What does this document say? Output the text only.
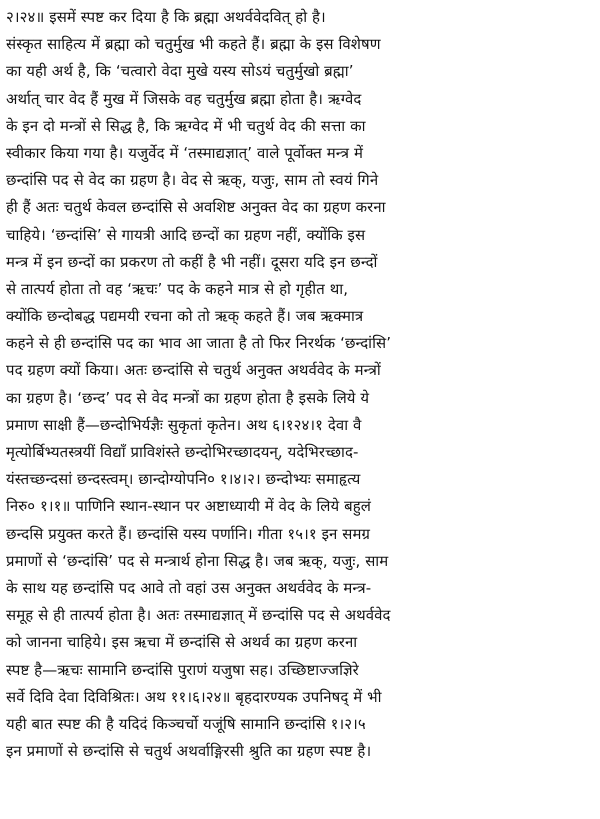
२।२४॥ इसमें स्पष्ट कर दिया है कि ब्रह्मा अथर्ववेदवित् हो है।
संस्कृत साहित्य में ब्रह्मा को चतुर्मुख भी कहते हैं। ब्रह्मा के इस विशेषण
का यही अर्थ है, कि ‘चत्वारो वेदा मुखे यस्य सोऽयं चतुर्मुखो ब्रह्मा’
अर्थात् चार वेद हैं मुख में जिसके वह चतुर्मुख ब्रह्मा होता है। ऋग्वेद
के इन दो मन्त्रों से सिद्ध है, कि ऋग्वेद में भी चतुर्थ वेद की सत्ता का
स्वीकार किया गया है। यजुर्वेद में ‘तस्माद्यज्ञात्’ वाले पूर्वोक्त मन्त्र में
छन्दांसि पद से वेद का ग्रहण है। वेद से ऋक्, यजुः, साम तो स्वयं गिने
ही हैं अतः चतुर्थ केवल छन्दांसि से अवशिष्ट अनुक्त वेद का ग्रहण करना
चाहिये। ‘छन्दांसि’ से गायत्री आदि छन्दों का ग्रहण नहीं, क्योंकि इस
मन्त्र में इन छन्दों का प्रकरण तो कहीं है भी नहीं। दूसरा यदि इन छन्दों
से तात्पर्य होता तो वह ‘ऋचः’ पद के कहने मात्र से हो गृहीत था,
क्योंकि छन्दोबद्ध पद्यमयी रचना को तो ऋक् कहते हैं। जब ऋक्मात्र
कहने से ही छन्दांसि पद का भाव आ जाता है तो फिर निरर्थक ‘छन्दांसि’
पद ग्रहण क्यों किया। अतः छन्दांसि से चतुर्थ अनुक्त अथर्ववेद के मन्त्रों
का ग्रहण है। ‘छन्द’ पद से वेद मन्त्रों का ग्रहण होता है इसके लिये ये
प्रमाण साक्षी हैं—छन्दोभिर्यज्ञैः सुकृतां कृतेन। अथ ६।१२४।१ देवा वै
मृत्योर्बिभ्यतस्त्रयीं विद्याँ प्राविशंस्ते छन्दोभिरच्छादयन्, यदेभिरच्छाद-
यंस्तच्छन्दसां छन्दस्त्वम्। छान्दोग्योपनि० १।४।२। छन्दोभ्यः समाहृत्य
निरु० १।१॥ पाणिनि स्थान-स्थान पर अष्टाध्यायी में वेद के लिये बहुलं
छन्दसि प्रयुक्त करते हैं। छन्दांसि यस्य पर्णानि। गीता १५।१ इन समग्र
प्रमाणों से ‘छन्दांसि’ पद से मन्त्रार्थ होना सिद्ध है। जब ऋक्, यजुः, साम
के साथ यह छन्दांसि पद आवे तो वहां उस अनुक्त अथर्ववेद के मन्त्र-
समूह से ही तात्पर्य होता है। अतः तस्माद्यज्ञात् में छन्दांसि पद से अथर्ववेद
को जानना चाहिये। इस ऋचा में छन्दांसि से अथर्व का ग्रहण करना
स्पष्ट है—ऋचः सामानि छन्दांसि पुराणं यजुषा सह। उच्छिष्टाज्जज्ञिरे
सर्वे दिवि देवा दिविश्रितः। अथ ११।६।२४॥ बृहदारण्यक उपनिषद् में भी
यही बात स्पष्ट की है यदिदं किञ्चर्चो यजूंषि सामानि छन्दांसि १।२।५
इन प्रमाणों से छन्दांसि से चतुर्थ अथर्वाङ्गिरसी श्रुति का ग्रहण स्पष्ट है।
